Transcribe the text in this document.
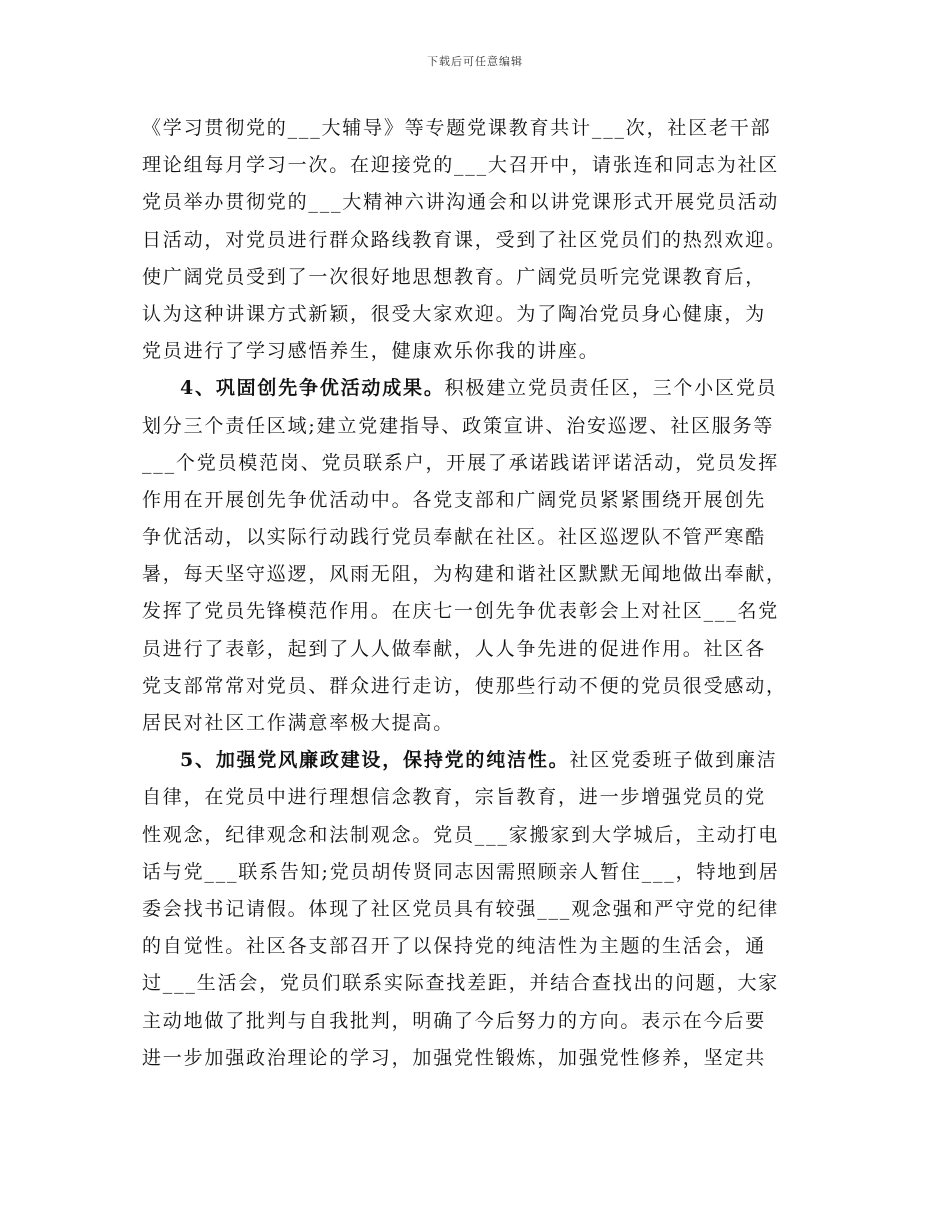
下载后可任意编辑
《学习贯彻党的___大辅导》等专题党课教育共计___次，社区老干部
理论组每月学习一次。在迎接党的___大召开中，请张连和同志为社区
党员举办贯彻党的___大精神六讲沟通会和以讲党课形式开展党员活动
日活动，对党员进行群众路线教育课，受到了社区党员们的热烈欢迎。
使广阔党员受到了一次很好地思想教育。广阔党员听完党课教育后，
认为这种讲课方式新颖，很受大家欢迎。为了陶冶党员身心健康，为
党员进行了学习感悟养生，健康欢乐你我的讲座。
4、巩固创先争优活动成果。积极建立党员责任区，三个小区党员
划分三个责任区域;建立党建指导、政策宣讲、治安巡逻、社区服务等
___个党员模范岗、党员联系户，开展了承诺践诺评诺活动，党员发挥
作用在开展创先争优活动中。各党支部和广阔党员紧紧围绕开展创先
争优活动，以实际行动践行党员奉献在社区。社区巡逻队不管严寒酷
暑，每天坚守巡逻，风雨无阻，为构建和谐社区默默无闻地做出奉献，
发挥了党员先锋模范作用。在庆七一创先争优表彰会上对社区___名党
员进行了表彰，起到了人人做奉献，人人争先进的促进作用。社区各
党支部常常对党员、群众进行走访，使那些行动不便的党员很受感动，
居民对社区工作满意率极大提高。
5、加强党风廉政建设，保持党的纯洁性。社区党委班子做到廉洁
自律，在党员中进行理想信念教育，宗旨教育，进一步增强党员的党
性观念，纪律观念和法制观念。党员___家搬家到大学城后，主动打电
话与党___联系告知;党员胡传贤同志因需照顾亲人暂住___，特地到居
委会找书记请假。体现了社区党员具有较强___观念强和严守党的纪律
的自觉性。社区各支部召开了以保持党的纯洁性为主题的生活会，通
过___生活会，党员们联系实际查找差距，并结合查找出的问题，大家
主动地做了批判与自我批判，明确了今后努力的方向。表示在今后要
进一步加强政治理论的学习，加强党性锻炼，加强党性修养，坚定共
